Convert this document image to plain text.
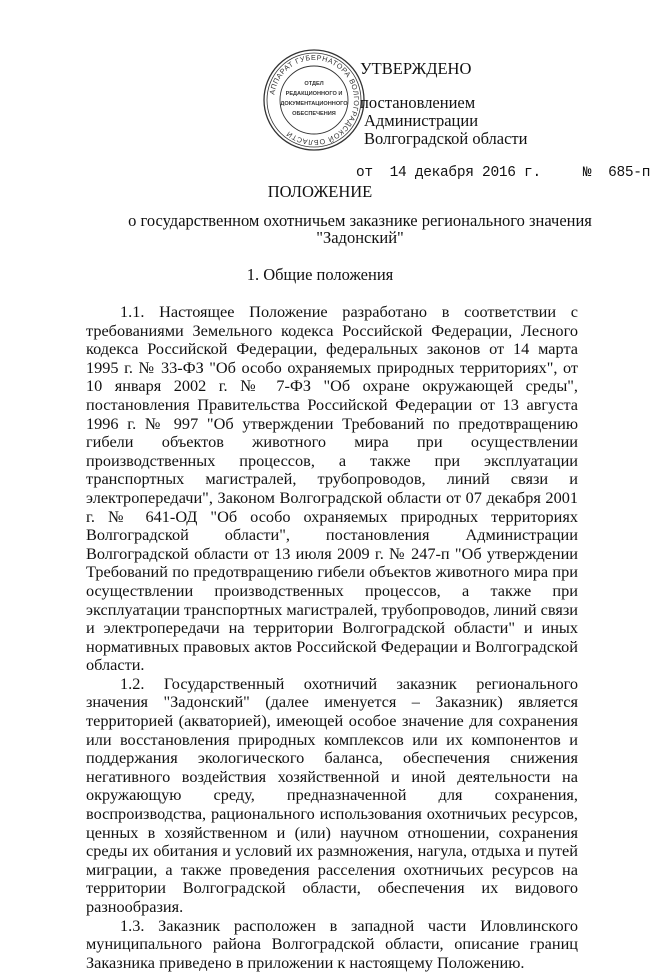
АППАРАТ ГУБЕРНАТОРА ВОЛГОГРАДСКОЙ ОБЛАСТИ
ОТДЕЛ
РЕДАКЦИОННОГО И
ДОКУМЕНТАЦИОННОГО
ОБЕСПЕЧЕНИЯ
УТВЕРЖДЕНО
постановлением
Администрации
Волгоградской области
от 14 декабря 2016 г.	№ 685-п
ПОЛОЖЕНИЕ
о государственном охотничьем заказнике регионального значения
"Задонский"
1. Общие положения

1.1. Настоящее Положение разработано в соответствии с требованиями Земельного кодекса Российской Федерации, Лесного кодекса Российской Федерации, федеральных законов от 14 марта 1995 г. № 33-ФЗ "Об особо охраняемых природных территориях", от 10 января 2002 г. № 7-ФЗ "Об охране окружающей среды", постановления Правительства Российской Федерации от 13 августа 1996 г. № 997 "Об утверждении Требований по предотвращению гибели объектов животного мира при осуществлении производственных процессов, а также при эксплуатации транспортных магистралей, трубопроводов, линий связи и электропередачи", Законом Волгоградской области от 07 декабря 2001 г. № 641-ОД "Об особо охраняемых природных территориях Волгоградской области", постановления Администрации Волгоградской области от 13 июля 2009 г. № 247-п "Об утверждении Требований по предотвращению гибели объектов животного мира при осуществлении производственных процессов, а также при эксплуатации транспортных магистралей, трубопроводов, линий связи и электропередачи на территории Волгоградской области" и иных нормативных правовых актов Российской Федерации и Волгоградской области.

1.2. Государственный охотничий заказник регионального значения "Задонский" (далее именуется – Заказник) является территорией (акваторией), имеющей особое значение для сохранения или восстановления природных комплексов или их компонентов и поддержания экологического баланса, обеспечения снижения негативного воздействия хозяйственной и иной деятельности на окружающую среду, предназначенной для сохранения, воспроизводства, рационального использования охотничьих ресурсов, ценных в хозяйственном и (или) научном отношении, сохранения среды их обитания и условий их размножения, нагула, отдыха и путей миграции, а также проведения расселения охотничьих ресурсов на территории Волгоградской области, обеспечения их видового разнообразия.

1.3. Заказник расположен в западной части Иловлинского муниципального района Волгоградской области, описание границ Заказника приведено в приложении к настоящему Положению.
